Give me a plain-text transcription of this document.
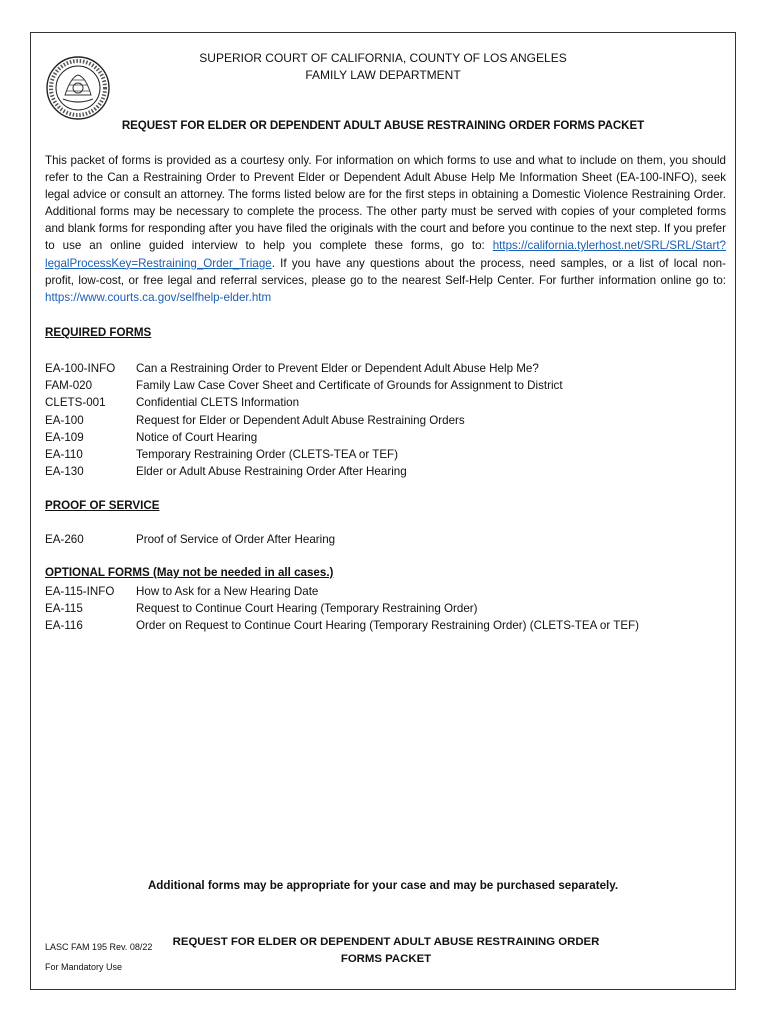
SUPERIOR COURT OF CALIFORNIA, COUNTY OF LOS ANGELES
FAMILY LAW DEPARTMENT
REQUEST FOR ELDER OR DEPENDENT ADULT ABUSE RESTRAINING ORDER FORMS PACKET

This packet of forms is provided as a courtesy only. For information on which forms to use and what to include on them, you should refer to the Can a Restraining Order to Prevent Elder or Dependent Adult Abuse Help Me Information Sheet (EA-100-INFO), seek legal advice or consult an attorney. The forms listed below are for the first steps in obtaining a Domestic Violence Restraining Order. Additional forms may be necessary to complete the process. The other party must be served with copies of your completed forms and blank forms for responding after you have filed the originals with the court and before you continue to the next step. If you prefer to use an online guided interview to help you complete these forms, go to: https://california.tylerhost.net/SRL/SRL/Start?legalProcessKey=Restraining_Order_Triage. If you have any questions about the process, need samples, or a list of local non- profit, low-cost, or free legal and referral services, please go to the nearest Self-Help Center. For further information online go to: https://www.courts.ca.gov/selfhelp-elder.htm

REQUIRED FORMS
EA-100-INFO	Can a Restraining Order to Prevent Elder or Dependent Adult Abuse Help Me?
FAM-020	Family Law Case Cover Sheet and Certificate of Grounds for Assignment to District
CLETS-001	Confidential CLETS Information
EA-100	Request for Elder or Dependent Adult Abuse Restraining Orders
EA-109	Notice of Court Hearing
EA-110	Temporary Restraining Order (CLETS-TEA or TEF)
EA-130	Elder or Adult Abuse Restraining Order After Hearing
PROOF OF SERVICE
EA-260	Proof of Service of Order After Hearing
OPTIONAL FORMS (May not be needed in all cases.)
EA-115-INFO	How to Ask for a New Hearing Date
EA-115	Request to Continue Court Hearing (Temporary Restraining Order)
EA-116	Order on Request to Continue Court Hearing (Temporary Restraining Order) (CLETS-TEA or TEF)
Additional forms may be appropriate for your case and may be purchased separately.
LASC FAM 195 Rev. 08/22
For Mandatory Use
REQUEST FOR ELDER OR DEPENDENT ADULT ABUSE RESTRAINING ORDER
FORMS PACKET
